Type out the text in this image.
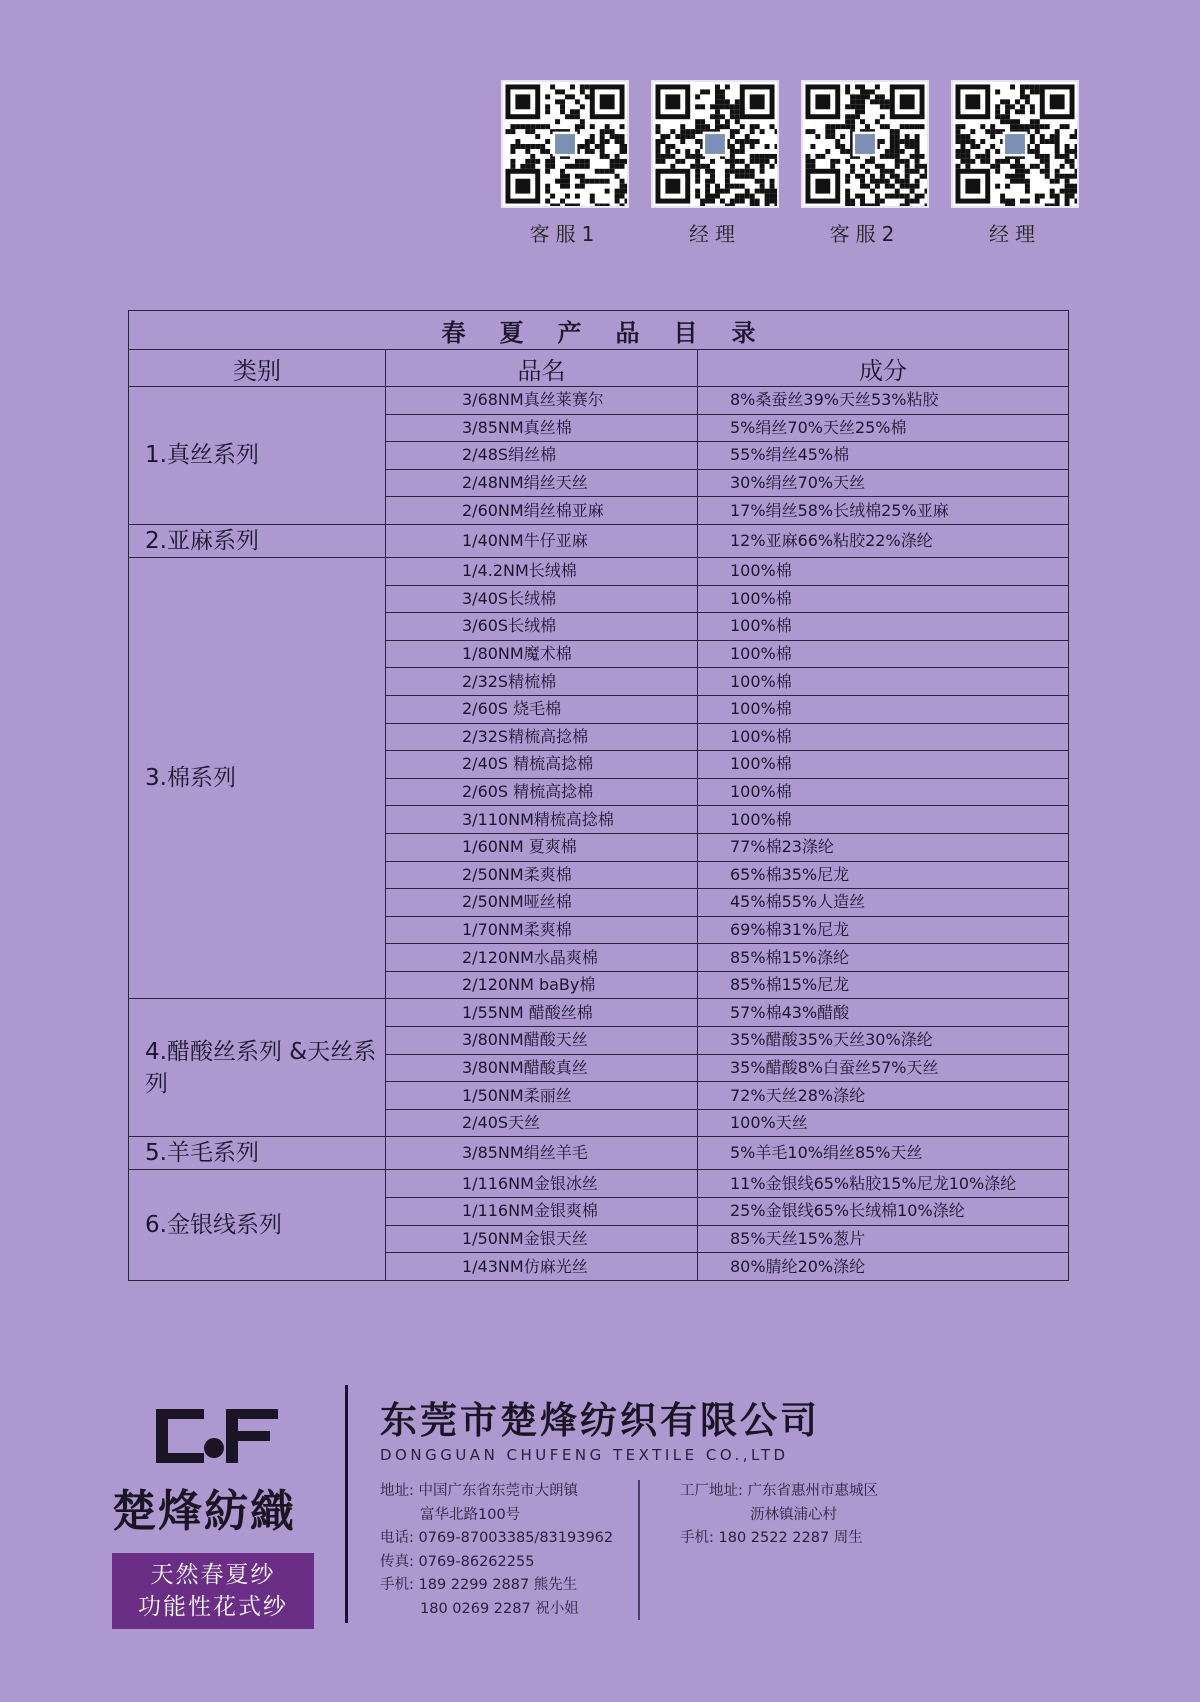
客服1	经理	客服2	经理
春夏产品目录		
类别	品名	成分
1.真丝系列	3/68NM真丝莱赛尔	8%桑蚕丝39%天丝53%粘胶
	3/85NM真丝棉	5%绢丝70%天丝25%棉
	2/48S绢丝棉	55%绢丝45%棉
	2/48NM绢丝天丝	30%绢丝70%天丝
	2/60NM绢丝棉亚麻	17%绢丝58%长绒棉25%亚麻
2.亚麻系列	1/40NM牛仔亚麻	12%亚麻66%粘胶22%涤纶
3.棉系列	1/4.2NM长绒棉	100%棉
	3/40S长绒棉	100%棉
	3/60S长绒棉	100%棉
	1/80NM魔术棉	100%棉
	2/32S精梳棉	100%棉
	2/60S 烧毛棉	100%棉
	2/32S精梳高捻棉	100%棉
	2/40S 精梳高捻棉	100%棉
	2/60S 精梳高捻棉	100%棉
	3/110NM精梳高捻棉	100%棉
	1/60NM 夏爽棉	77%棉23涤纶
	2/50NM柔爽棉	65%棉35%尼龙
	2/50NM哑丝棉	45%棉55%人造丝
	1/70NM柔爽棉	69%棉31%尼龙
	2/120NM水晶爽棉	85%棉15%涤纶
	2/120NM baBy棉	85%棉15%尼龙
4.醋酸丝系列 &天丝系列	1/55NM 醋酸丝棉	57%棉43%醋酸
	3/80NM醋酸天丝	35%醋酸35%天丝30%涤纶
	3/80NM醋酸真丝	35%醋酸8%白蚕丝57%天丝
	1/50NM柔丽丝	72%天丝28%涤纶
	2/40S天丝	100%天丝
5.羊毛系列	3/85NM绢丝羊毛	5%羊毛10%绢丝85%天丝
6.金银线系列	1/116NM金银冰丝	11%金银线65%粘胶15%尼龙10%涤纶
	1/116NM金银爽棉	25%金银线65%长绒棉10%涤纶
	1/50NM金银天丝	85%天丝15%葱片
	1/43NM仿麻光丝	80%腈纶20%涤纶
楚烽紡織
天然春夏纱
功能性花式纱
东莞市楚烽纺织有限公司
DONGGUAN CHUFENG TEXTILE CO.,LTD
地址: 中国广东省东莞市大朗镇
富华北路100号
电话: 0769-87003385/83193962
传真: 0769-86262255
手机: 189 2299 2887 熊先生
180 0269 2287 祝小姐
工厂地址: 广东省惠州市惠城区
沥林镇浦心村
手机: 180 2522 2287 周生
